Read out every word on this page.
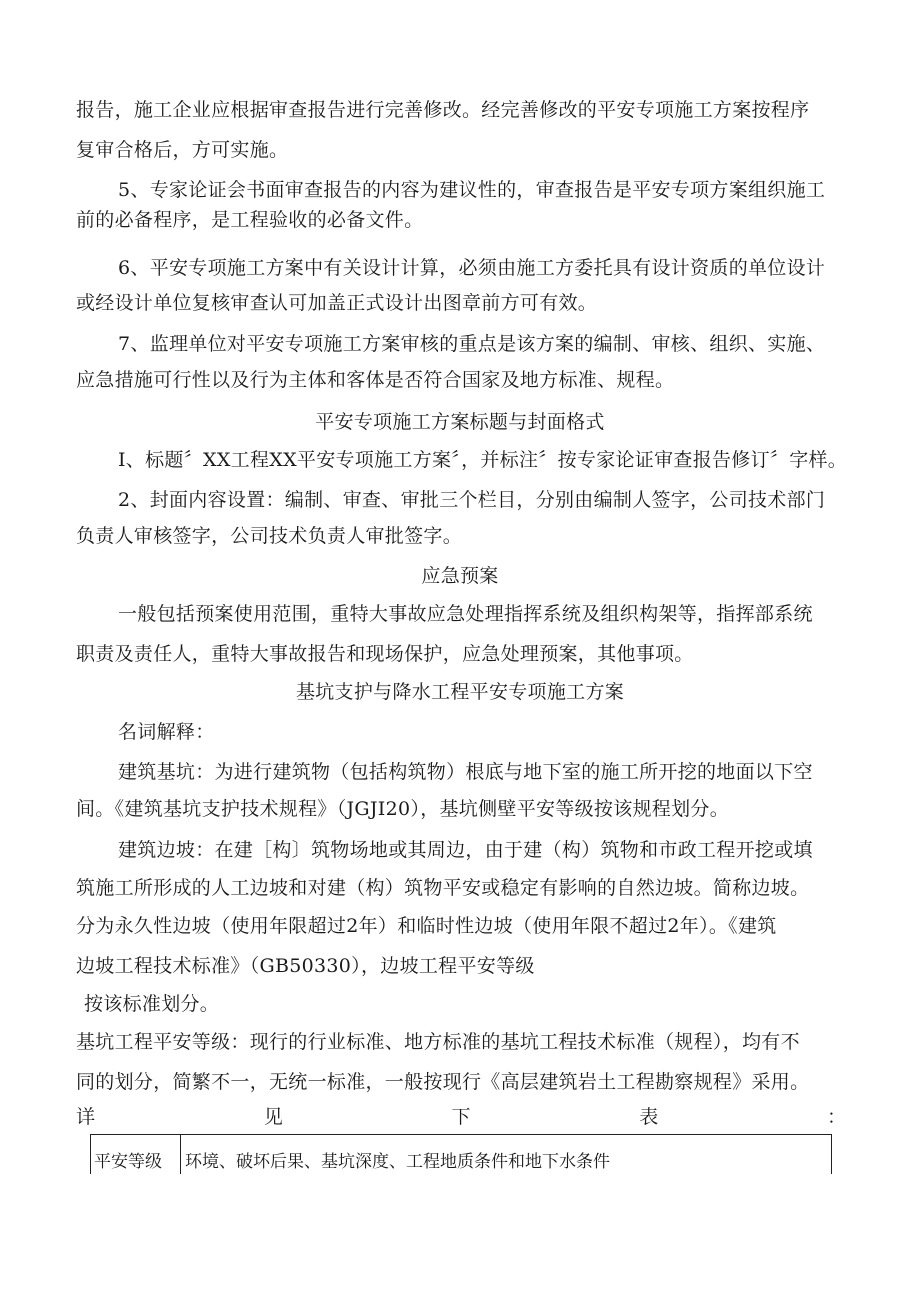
报告，施工企业应根据审查报告进行完善修改。经完善修改的平安专项施工方案按程序
复审合格后，方可实施。
5、专家论证会书面审查报告的内容为建议性的，审查报告是平安专项方案组织施工
前的必备程序，是工程验收的必备文件。
6、平安专项施工方案中有关设计计算，必须由施工方委托具有设计资质的单位设计
或经设计单位复核审查认可加盖正式设计出图章前方可有效。
7、监理单位对平安专项施工方案审核的重点是该方案的编制、审核、组织、实施、
应急措施可行性以及行为主体和客体是否符合国家及地方标准、规程。
平安专项施工方案标题与封面格式
I、标题〞XX工程XX平安专项施工方案〞，并标注〞按专家论证审查报告修订〞字样。
2、封面内容设置：编制、审查、审批三个栏目，分别由编制人签字，公司技术部门
负责人审核签字，公司技术负责人审批签字。
应急预案
一般包括预案使用范围，重特大事故应急处理指挥系统及组织构架等，指挥部系统
职责及责任人，重特大事故报告和现场保护，应急处理预案，其他事项。
基坑支护与降水工程平安专项施工方案
名词解释：
建筑基坑：为进行建筑物（包括构筑物）根底与地下室的施工所开挖的地面以下空
间。《建筑基坑支护技术规程》（JGJI20），基坑侧壁平安等级按该规程划分。
建筑边坡：在建［构〕筑物场地或其周边，由于建（构）筑物和市政工程开挖或填
筑施工所形成的人工边坡和对建（构）筑物平安或稳定有影响的自然边坡。简称边坡。
分为永久性边坡（使用年限超过2年）和临时性边坡（使用年限不超过2年）。《建筑
边坡工程技术标准》（GB50330），边坡工程平安等级
按该标准划分。
基坑工程平安等级：现行的行业标准、地方标准的基坑工程技术标准（规程），均有不
同的划分，简繁不一，无统一标准，一般按现行《高层建筑岩土工程勘察规程》采用。
详	见	下	表	：
平安等级	环境、破坏后果、基坑深度、工程地质条件和地下水条件
